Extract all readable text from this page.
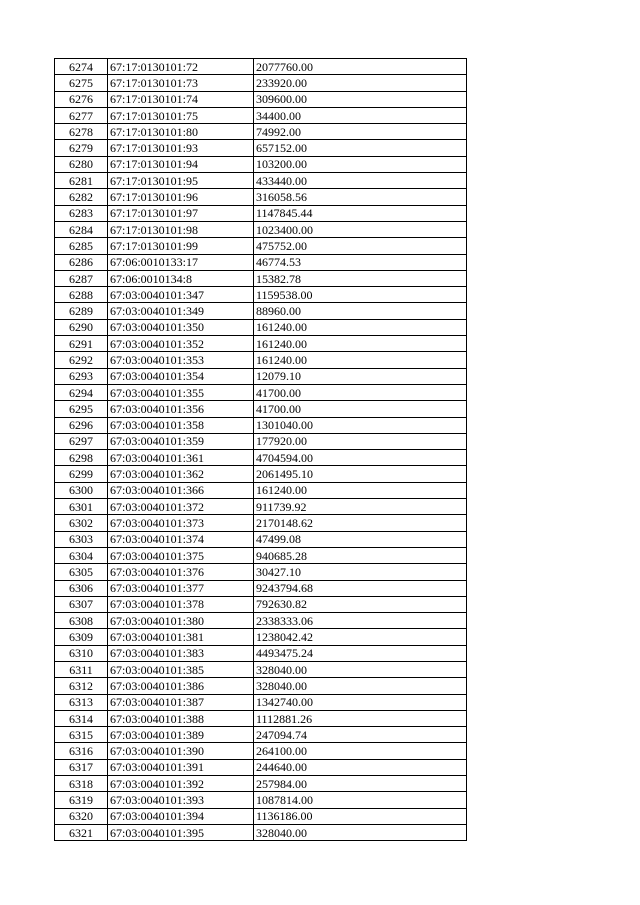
6274	67:17:0130101:72	2077760.00
6275	67:17:0130101:73	233920.00
6276	67:17:0130101:74	309600.00
6277	67:17:0130101:75	34400.00
6278	67:17:0130101:80	74992.00
6279	67:17:0130101:93	657152.00
6280	67:17:0130101:94	103200.00
6281	67:17:0130101:95	433440.00
6282	67:17:0130101:96	316058.56
6283	67:17:0130101:97	1147845.44
6284	67:17:0130101:98	1023400.00
6285	67:17:0130101:99	475752.00
6286	67:06:0010133:17	46774.53
6287	67:06:0010134:8	15382.78
6288	67:03:0040101:347	1159538.00
6289	67:03:0040101:349	88960.00
6290	67:03:0040101:350	161240.00
6291	67:03:0040101:352	161240.00
6292	67:03:0040101:353	161240.00
6293	67:03:0040101:354	12079.10
6294	67:03:0040101:355	41700.00
6295	67:03:0040101:356	41700.00
6296	67:03:0040101:358	1301040.00
6297	67:03:0040101:359	177920.00
6298	67:03:0040101:361	4704594.00
6299	67:03:0040101:362	2061495.10
6300	67:03:0040101:366	161240.00
6301	67:03:0040101:372	911739.92
6302	67:03:0040101:373	2170148.62
6303	67:03:0040101:374	47499.08
6304	67:03:0040101:375	940685.28
6305	67:03:0040101:376	30427.10
6306	67:03:0040101:377	9243794.68
6307	67:03:0040101:378	792630.82
6308	67:03:0040101:380	2338333.06
6309	67:03:0040101:381	1238042.42
6310	67:03:0040101:383	4493475.24
6311	67:03:0040101:385	328040.00
6312	67:03:0040101:386	328040.00
6313	67:03:0040101:387	1342740.00
6314	67:03:0040101:388	1112881.26
6315	67:03:0040101:389	247094.74
6316	67:03:0040101:390	264100.00
6317	67:03:0040101:391	244640.00
6318	67:03:0040101:392	257984.00
6319	67:03:0040101:393	1087814.00
6320	67:03:0040101:394	1136186.00
6321	67:03:0040101:395	328040.00
